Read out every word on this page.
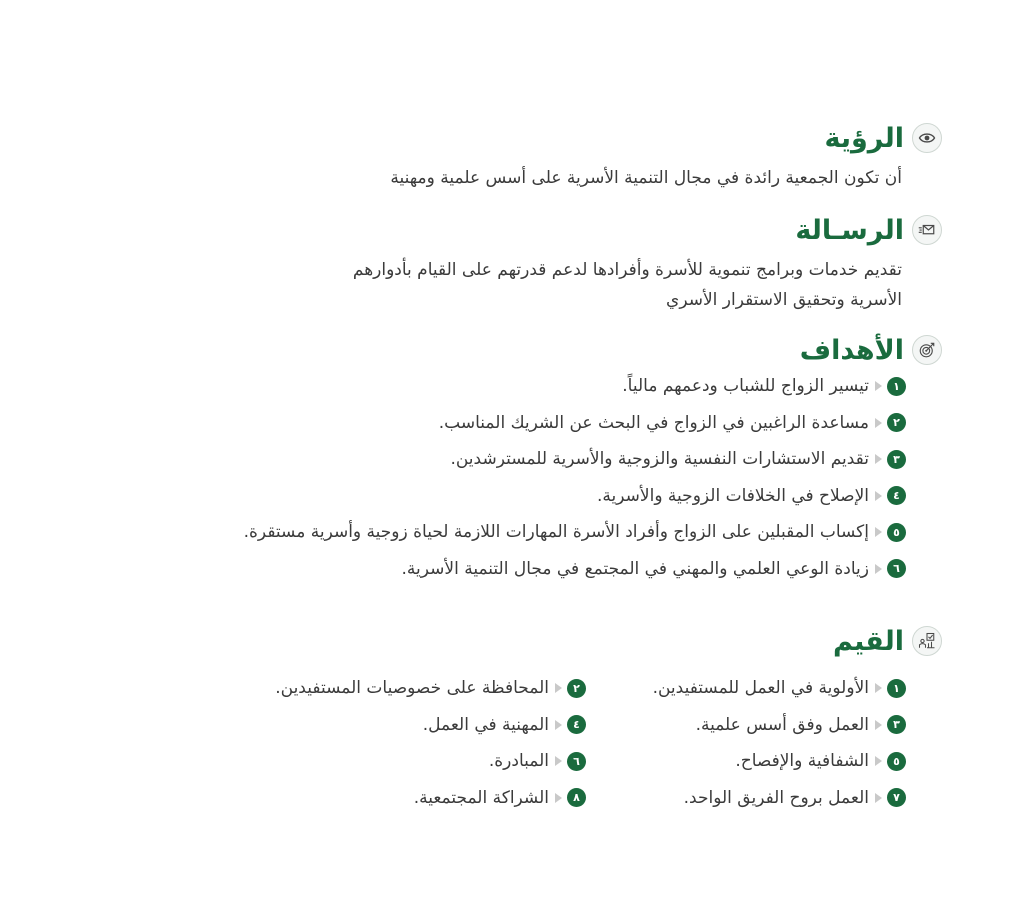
الرؤية

أن تكون الجمعية رائدة في مجال التنمية الأسرية على أسس علمية ومهنية

الرسـالة

تقديم خدمات وبرامج تنموية للأسرة وأفرادها لدعم قدرتهم على القيام بأدوارهم

الأسرية وتحقيق الاستقرار الأسري

الأهداف
١
تيسير الزواج للشباب ودعمهم مالياً.
٢
مساعدة الراغبين في الزواج في البحث عن الشريك المناسب.
٣
تقديم الاستشارات النفسية والزوجية والأسرية للمسترشدين.
٤
الإصلاح في الخلافات الزوجية والأسرية.
٥
إكساب المقبلين على الزواج وأفراد الأسرة المهارات اللازمة لحياة زوجية وأسرية مستقرة.
٦
زيادة الوعي العلمي والمهني في المجتمع في مجال التنمية الأسرية.
القيم
١
الأولوية في العمل للمستفيدين.
٢
المحافظة على خصوصيات المستفيدين.
٣
العمل وفق أسس علمية.
٤
المهنية في العمل.
٥
الشفافية والإفصاح.
٦
المبادرة.
٧
العمل بروح الفريق الواحد.
٨
الشراكة المجتمعية.
